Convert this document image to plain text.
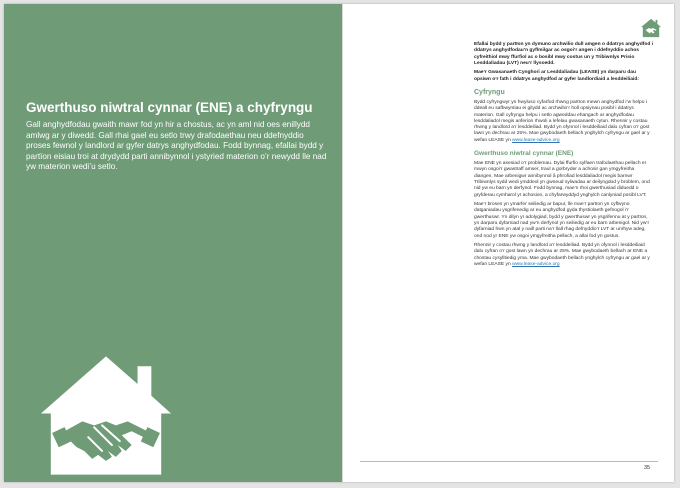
Gwerthuso niwtral cynnar (ENE) a chyfryngu
Gall anghydfodau gwaith mawr fod yn hir a chostus, ac yn aml nid oes enillydd amlwg ar y diwedd. Gall rhai gael eu setlo trwy drafodaethau neu ddefnyddio proses fewnol y landlord ar gyfer datrys anghydfodau. Fodd bynnag, efallai bydd y partïon eisiau troi at drydydd parti annibynnol i ystyried materion o’r newydd lle nad yw materion wedi’u setlo.

Efallai bydd y partïon yn dymuno archwilio dull amgen o ddatrys anghydfod i ddatrys anghydfodau’n gyflmilgar ac osgoi’r angen i ddefnyddio achos cyfreithiol mwy ffurfiol ac o bosibl mwy costus un y Tribiwnlys Prisio Lesddaliadau (LVT) neu’r llysoedd.

Mae’r Gwasanaeth Cynghori ar Lesddaliadau (LEASE) yn darparu dau opsiwn o’r fath i ddatrys anghydfod ar gyfer landlordiaid a lesddeiliaid:

Cyfryngu

Bydd cyfryngwyr yn hwyluso cyfarfod rhwng partïon mewn anghydfod i’w helpu i ddeall eu safbwyntiau ei gilydd ac archwilio’r holl opsiynau posibl i ddatrys materion. Gall cyfryngu helpu i setlo agweddau ehangach ar anghydfodau lesddaliadol megis anferion rhwoli a lefelau gwasanaeth cytun. Rhennir y costau rhwng y landlord a’r lesddeiliad. Bydd yn ofynnol i lesddeiliaid dalu cyfran o’r gost lawn yn dechrau ar 25%. Mae gwybodaeth bellach ynghylch cyfryngu ar gael ar y wefan LEASE yn www.lease-advice.org

Gwerthuso niwtral cynnar (ENE)

Mae ENE yn asesiad o’r problemau. Dylai ffurfio sylfaen trafodaethau pellach er mwyn osgoi’r gwastraff amser, traul a gorbryder a achosir gan ymgyfreitha diangen. Mae arbenigwr annibynnol â phrofiad lesddaliadol megis barnwr Tribiwnlys sydd wedi ymddeol yn gwneud sylwadau ar deilyngdod y broblem, ond nid yw eu barn yn derfynol. Fodd bynnag, mae’n rhoi gwerthusiad diduedd o gryfderau cymharol yr achosion, a chyfarwyddyd ynghylch canlyniad posibl LVT.

Mae’r broses yn ymarfer seiliedig ar bapur, lle mae’r partïon yn cyflwyno datganiadau ysgrifenedig ar eu anghydfod gyda thystiolaeth gefnogol i’r gwerthuswr. Yn dilyn yr adolygiad, bydd y gwerthuswr yn ysgrifennu at y partïon, yn darparu dyfarniad nad yw’n derfynol yn seiliedig ar eu barn arbenigol. Nid yw’r dyfarniad hwn yn atal y naill parti na’r llall rhag defnyddio’r LVT ar unrhyw adeg, ond nod yr ENE yw osgoi ymgyfreitha pellach, a allai fod yn gostus.

Rhennir y costau rhwng y landlord a’r lesddeiliad. Bydd yn ofynnol i lesddeiliaid dalu cyfran o’r gost lawn yn dechrau ar 25%. Mae gwybodaeth bellach ar ENE a chostau cysylltiedig yma. Mae gwybodaeth bellach ynghylch cyfryngu ar gael ar y wefan LEASE yn www.lease-advice.org

35
